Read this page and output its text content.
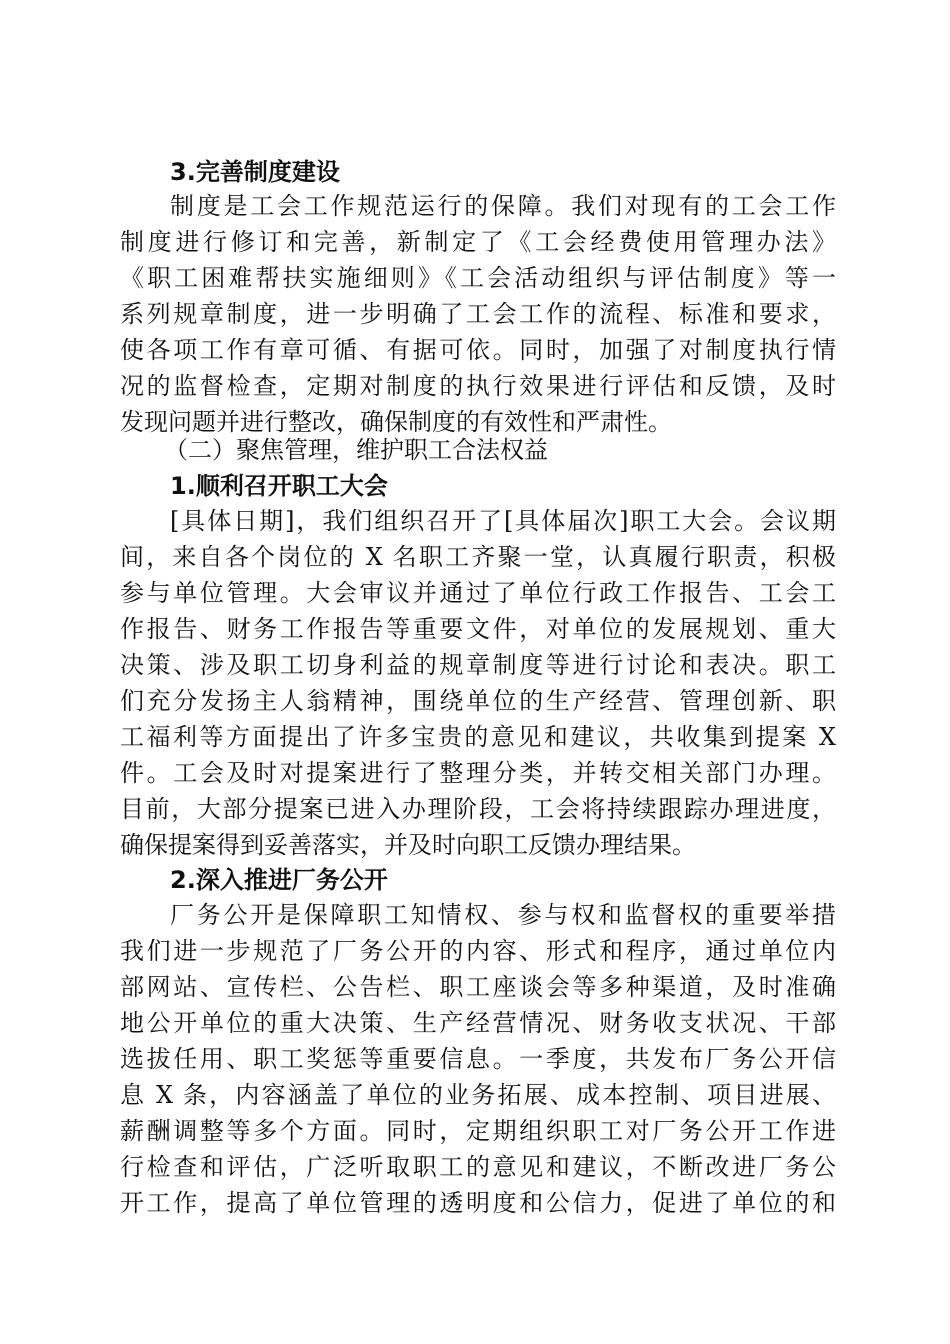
3.完善制度建设
制度是工会工作规范运行的保障。我们对现有的工会工作
制度进行修订和完善，新制定了《工会经费使用管理办法》
《职工困难帮扶实施细则》《工会活动组织与评估制度》等一
系列规章制度，进一步明确了工会工作的流程、标准和要求，
使各项工作有章可循、有据可依。同时，加强了对制度执行情
况的监督检查，定期对制度的执行效果进行评估和反馈，及时
发现问题并进行整改，确保制度的有效性和严肃性。
（二）聚焦管理，维护职工合法权益
1.顺利召开职工大会
[具体日期]，我们组织召开了[具体届次]职工大会。会议期
间，来自各个岗位的 X 名职工齐聚一堂，认真履行职责，积极
参与单位管理。大会审议并通过了单位行政工作报告、工会工
作报告、财务工作报告等重要文件，对单位的发展规划、重大
决策、涉及职工切身利益的规章制度等进行讨论和表决。职工
们充分发扬主人翁精神，围绕单位的生产经营、管理创新、职
工福利等方面提出了许多宝贵的意见和建议，共收集到提案 X
件。工会及时对提案进行了整理分类，并转交相关部门办理。
目前，大部分提案已进入办理阶段，工会将持续跟踪办理进度，
确保提案得到妥善落实，并及时向职工反馈办理结果。
2.深入推进厂务公开
厂务公开是保障职工知情权、参与权和监督权的重要举措
我们进一步规范了厂务公开的内容、形式和程序，通过单位内
部网站、宣传栏、公告栏、职工座谈会等多种渠道，及时准确
地公开单位的重大决策、生产经营情况、财务收支状况、干部
选拔任用、职工奖惩等重要信息。一季度，共发布厂务公开信
息 X 条，内容涵盖了单位的业务拓展、成本控制、项目进展、
薪酬调整等多个方面。同时，定期组织职工对厂务公开工作进
行检查和评估，广泛听取职工的意见和建议，不断改进厂务公
开工作，提高了单位管理的透明度和公信力，促进了单位的和
